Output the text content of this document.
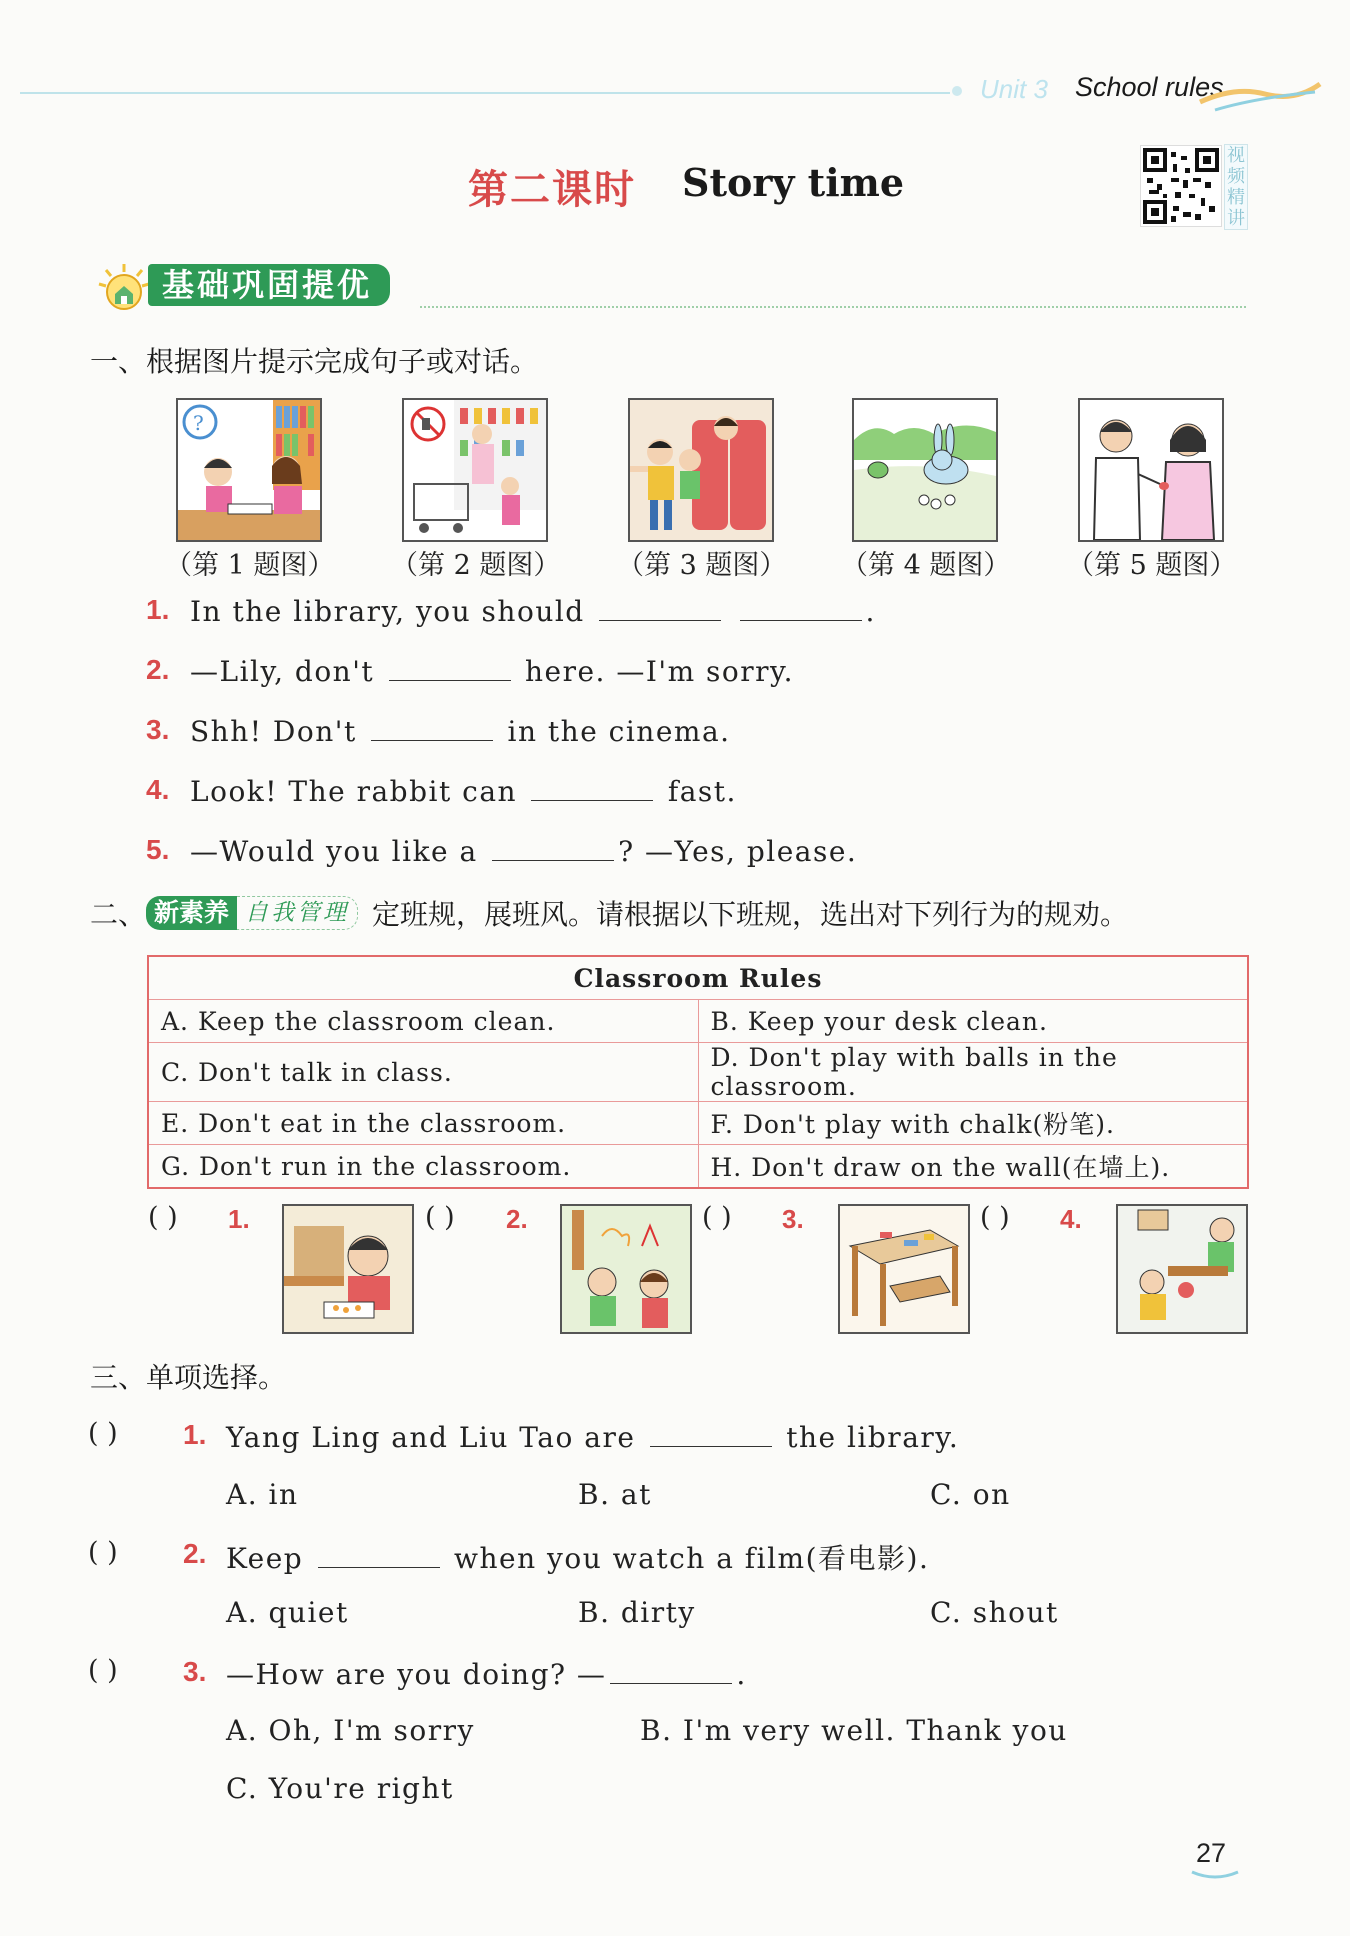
Unit 3 School rules
第二课时 Story time
视频精讲
基础巩固提优
一、根据图片提示完成句子或对话。
?
（第 1 题图） （第 2 题图） （第 3 题图） （第 4 题图） （第 5 题图）
1. In the library, you should	.
2. —Lily, don't	here. —I'm sorry.
3. Shh! Don't	in the cinema.
4. Look! The rabbit can	fast.
5. —Would you like a	? —Yes, please.
二、 新素养 自我管理 定班规，展班风。请根据以下班规，选出对下列行为的规劝。
Classroom Rules	
A. Keep the classroom clean.	B. Keep your desk clean.
C. Don't talk in class.	D. Don't play with balls in the classroom.
E. Don't eat in the classroom.	F. Don't play with chalk(粉笔).
G. Don't run in the classroom.	H. Don't draw on the wall(在墙上).
( ) 1.	( ) 2.	( ) 3.	( ) 4.
三、单项选择。
( ) 1. Yang Ling and Liu Tao are	the library.
A. in	B. at	C. on
( ) 2. Keep	when you watch a film(看电影).
A. quiet	B. dirty	C. shout
( ) 3. —How are you doing? —	.
A. Oh, I'm sorry	B. I'm very well. Thank you
C. You're right
27
